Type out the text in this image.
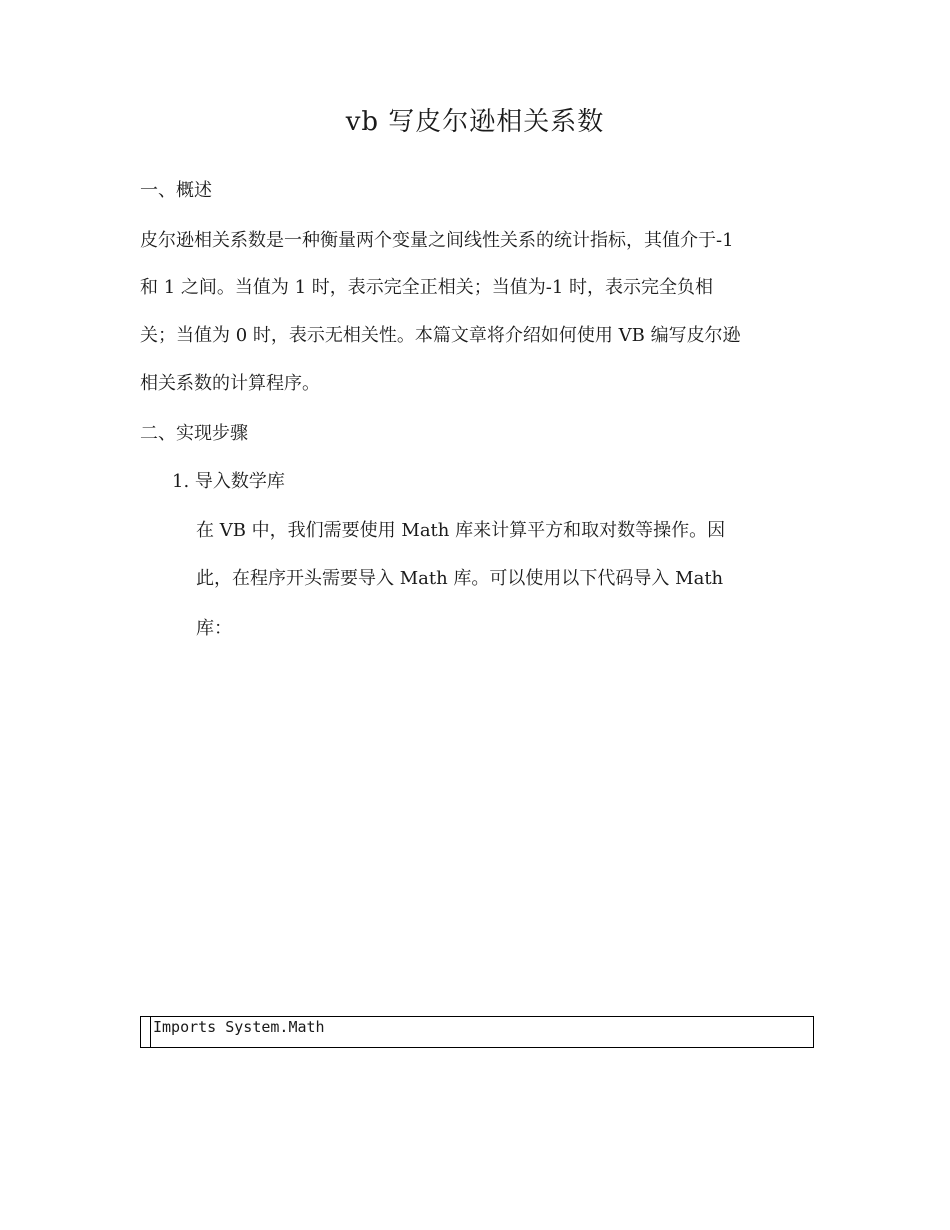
vb 写皮尔逊相关系数
一、概述
皮尔逊相关系数是一种衡量两个变量之间线性关系的统计指标，其值介于-1
和 1 之间。当值为 1 时，表示完全正相关；当值为-1 时，表示完全负相
关；当值为 0 时，表示无相关性。本篇文章将介绍如何使用 VB 编写皮尔逊
相关系数的计算程序。
二、实现步骤
1. 导入数学库
在 VB 中，我们需要使用 Math 库来计算平方和取对数等操作。因
此，在程序开头需要导入 Math 库。可以使用以下代码导入 Math
库：
Imports System.Math
